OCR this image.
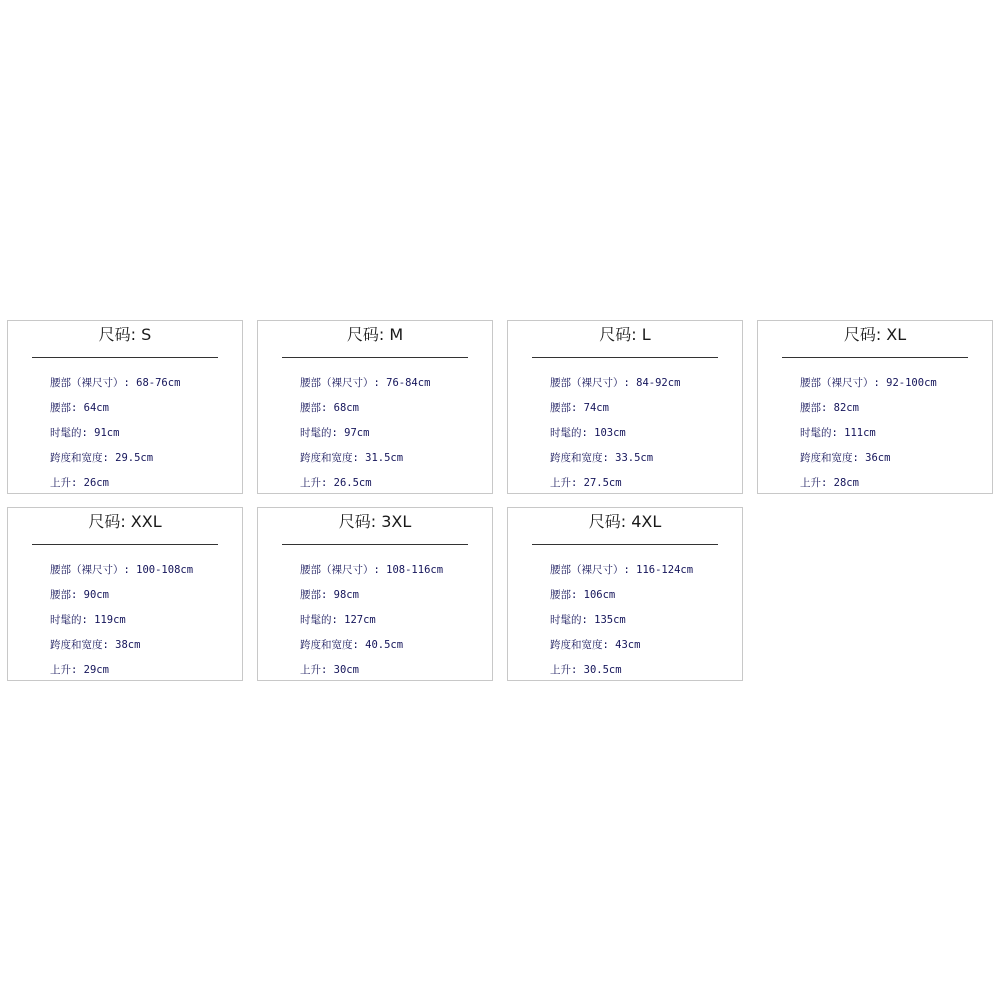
尺码: S
腰部（裸尺寸）: 68-76cm
腰部: 64cm
时髦的: 91cm
跨度和宽度: 29.5cm
上升: 26cm
尺码: M
腰部（裸尺寸）: 76-84cm
腰部: 68cm
时髦的: 97cm
跨度和宽度: 31.5cm
上升: 26.5cm
尺码: L
腰部（裸尺寸）: 84-92cm
腰部: 74cm
时髦的: 103cm
跨度和宽度: 33.5cm
上升: 27.5cm
尺码: XL
腰部（裸尺寸）: 92-100cm
腰部: 82cm
时髦的: 111cm
跨度和宽度: 36cm
上升: 28cm
尺码: XXL
腰部（裸尺寸）: 100-108cm
腰部: 90cm
时髦的: 119cm
跨度和宽度: 38cm
上升: 29cm
尺码: 3XL
腰部（裸尺寸）: 108-116cm
腰部: 98cm
时髦的: 127cm
跨度和宽度: 40.5cm
上升: 30cm
尺码: 4XL
腰部（裸尺寸）: 116-124cm
腰部: 106cm
时髦的: 135cm
跨度和宽度: 43cm
上升: 30.5cm
